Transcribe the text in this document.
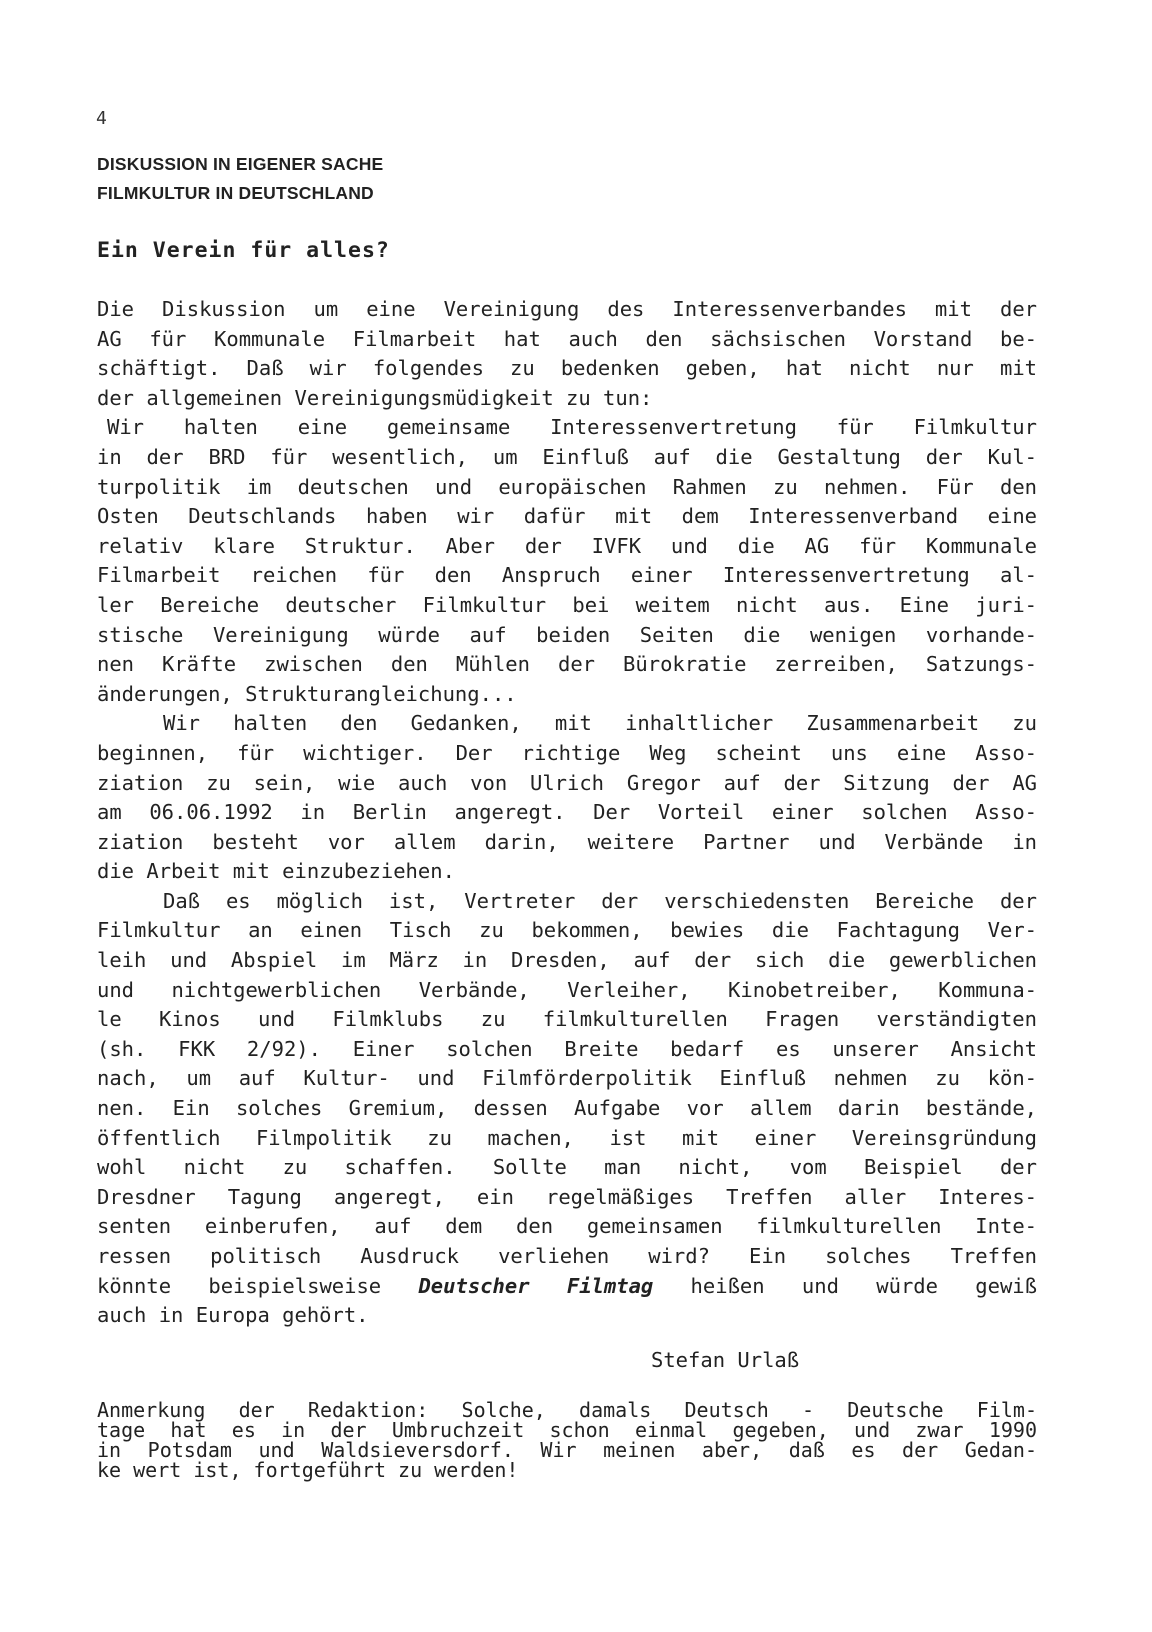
4
DISKUSSION IN EIGENER SACHE
FILMKULTUR IN DEUTSCHLAND
Ein Verein für alles?
Die Diskussion um eine Vereinigung des Interessenverbandes mit der
AG für Kommunale Filmarbeit hat auch den sächsischen Vorstand be-
schäftigt. Daß wir folgendes zu bedenken geben, hat nicht nur mit
der allgemeinen Vereinigungsmüdigkeit zu tun:
Wir halten eine gemeinsame Interessenvertretung für Filmkultur
in der BRD für wesentlich, um Einfluß auf die Gestaltung der Kul-
turpolitik im deutschen und europäischen Rahmen zu nehmen. Für den
Osten Deutschlands haben wir dafür mit dem Interessenverband eine
relativ klare Struktur. Aber der IVFK und die AG für Kommunale
Filmarbeit reichen für den Anspruch einer Interessenvertretung al-
ler Bereiche deutscher Filmkultur bei weitem nicht aus. Eine juri-
stische Vereinigung würde auf beiden Seiten die wenigen vorhande-
nen Kräfte zwischen den Mühlen der Bürokratie zerreiben, Satzungs-
änderungen, Strukturangleichung...
Wir halten den Gedanken, mit inhaltlicher Zusammenarbeit zu
beginnen, für wichtiger. Der richtige Weg scheint uns eine Asso-
ziation zu sein, wie auch von Ulrich Gregor auf der Sitzung der AG
am 06.06.1992 in Berlin angeregt. Der Vorteil einer solchen Asso-
ziation besteht vor allem darin, weitere Partner und Verbände in
die Arbeit mit einzubeziehen.
Daß es möglich ist, Vertreter der verschiedensten Bereiche der
Filmkultur an einen Tisch zu bekommen, bewies die Fachtagung Ver-
leih und Abspiel im März in Dresden, auf der sich die gewerblichen
und nichtgewerblichen Verbände, Verleiher, Kinobetreiber, Kommuna-
le Kinos und Filmklubs zu filmkulturellen Fragen verständigten
(sh. FKK 2/92). Einer solchen Breite bedarf es unserer Ansicht
nach, um auf Kultur- und Filmförderpolitik Einfluß nehmen zu kön-
nen. Ein solches Gremium, dessen Aufgabe vor allem darin bestände,
öffentlich Filmpolitik zu machen, ist mit einer Vereinsgründung
wohl nicht zu schaffen. Sollte man nicht, vom Beispiel der
Dresdner Tagung angeregt, ein regelmäßiges Treffen aller Interes-
senten einberufen, auf dem den gemeinsamen filmkulturellen Inte-
ressen politisch Ausdruck verliehen wird? Ein solches Treffen
könnte beispielsweise Deutscher Filmtag heißen und würde gewiß
auch in Europa gehört.
Stefan Urlaß
Anmerkung der Redaktion: Solche, damals Deutsch - Deutsche Film-
tage hat es in der Umbruchzeit schon einmal gegeben, und zwar 1990
in Potsdam und Waldsieversdorf. Wir meinen aber, daß es der Gedan-
ke wert ist, fortgeführt zu werden!
